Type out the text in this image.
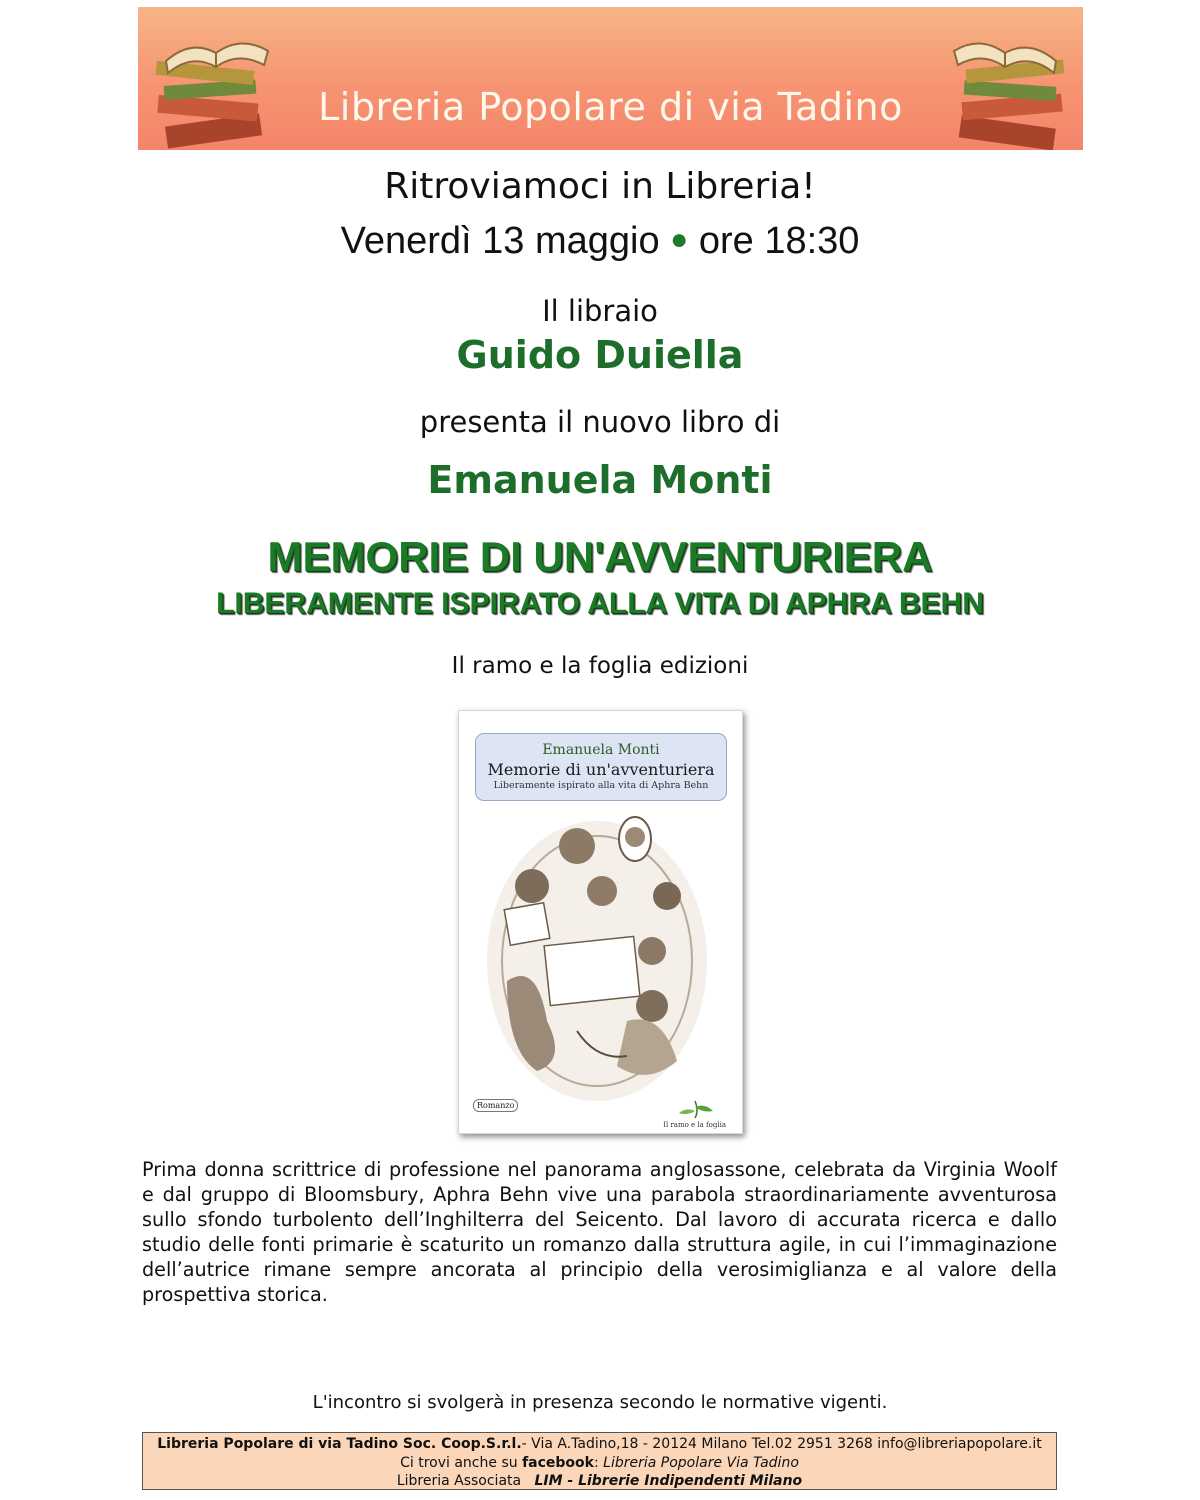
Libreria Popolare di via Tadino
Ritroviamoci in Libreria!
Venerdì 13 maggio ● ore 18:30
Il libraio
Guido Duiella
presenta il nuovo libro di
Emanuela Monti
MEMORIE DI UN'AVVENTURIERA
LIBERAMENTE ISPIRATO ALLA VITA DI APHRA BEHN
Il ramo e la foglia edizioni
Emanuela Monti
Memorie di un'avventuriera
Liberamente ispirato alla vita di Aphra Behn
Romanzo
Il ramo e la foglia
Prima donna scrittrice di professione nel panorama anglosassone, celebrata da Virginia Woolf e dal gruppo di Bloomsbury, Aphra Behn vive una parabola straordinariamente avventurosa sullo sfondo turbolento dell’Inghilterra del Seicento. Dal lavoro di accurata ricerca e dallo studio delle fonti primarie è scaturito un romanzo dalla struttura agile, in cui l’immaginazione dell’autrice rimane sempre ancorata al principio della verosimiglianza e al valore della prospettiva storica.
L'incontro si svolgerà in presenza secondo le normative vigenti.
Libreria Popolare di via Tadino Soc. Coop.S.r.l.- Via A.Tadino,18 - 20124 Milano Tel.02 2951 3268 info@libreriapopolare.it
Ci trovi anche su facebook: Libreria Popolare Via Tadino
Libreria Associata LIM - Librerie Indipendenti Milano
